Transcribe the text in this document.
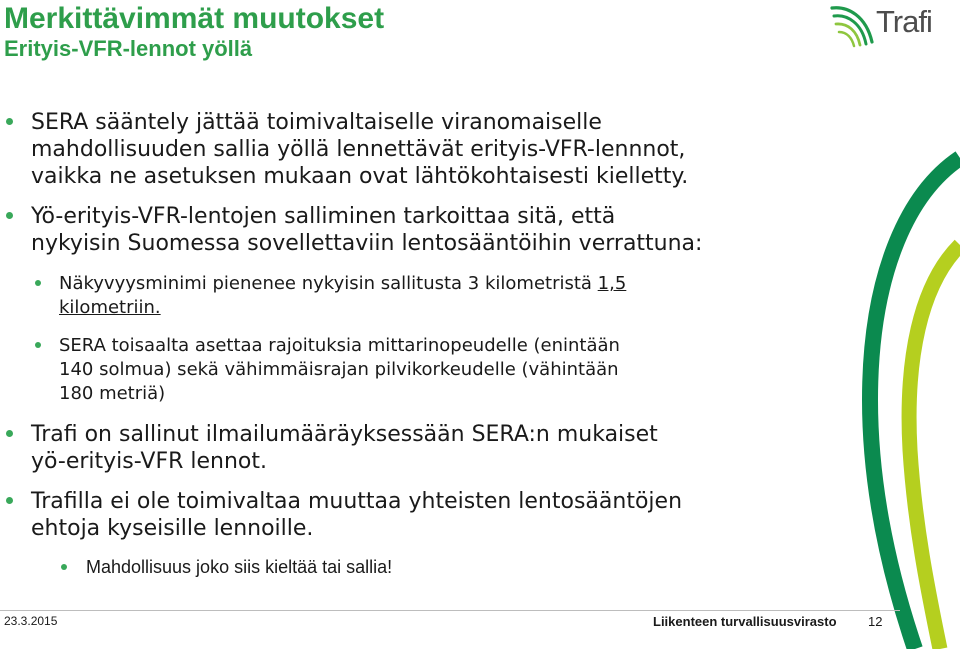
Merkittävimmät muutokset
Erityis-VFR-lennot yöllä
Trafi
SERA sääntely jättää toimivaltaiselle viranomaiselle
mahdollisuuden sallia yöllä lennettävät erityis-VFR-lennnot,
vaikka ne asetuksen mukaan ovat lähtökohtaisesti kielletty.
Yö-erityis-VFR-lentojen salliminen tarkoittaa sitä, että
nykyisin Suomessa sovellettaviin lentosääntöihin verrattuna:
Näkyvyysminimi pienenee nykyisin sallitusta 3 kilometristä 1,5
kilometriin.
SERA toisaalta asettaa rajoituksia mittarinopeudelle (enintään
140 solmua) sekä vähimmäisrajan pilvikorkeudelle (vähintään
180 metriä)
Trafi on sallinut ilmailumääräyksessään SERA:n mukaiset
yö-erityis-VFR lennot.
Trafilla ei ole toimivaltaa muuttaa yhteisten lentosääntöjen
ehtoja kyseisille lennoille.
Mahdollisuus joko siis kieltää tai sallia!
23.3.2015	Liikenteen turvallisuusvirasto 12
